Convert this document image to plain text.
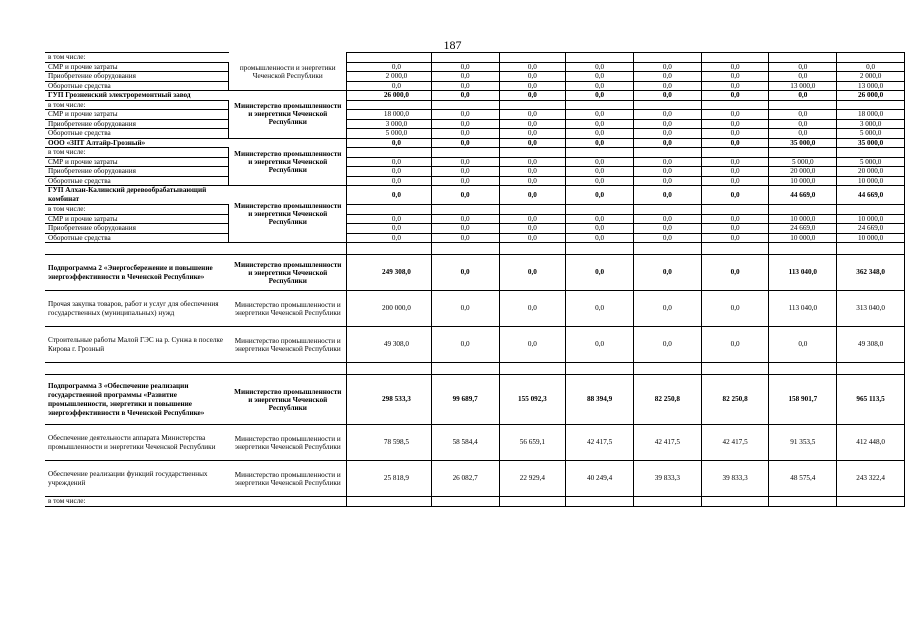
187
в том числе:	промышленности и энергетики Чеченской Республики									
СМР и прочие затраты			0,0	0,0	0,0	0,0	0,0	0,0	0,0	0,0
Приобретение оборудования			2 000,0	0,0	0,0	0,0	0,0	0,0	0,0	2 000,0
Оборотные средства			0,0	0,0	0,0	0,0	0,0	0,0	13 000,0	13 000,0
ГУП Грозненский электроремонтный завод	Министерство промышленности и энергетики Чеченской Республики		26 000,0	0,0	0,0	0,0	0,0	0,0	0,0	26 000,0
в том числе:										
СМР и прочие затраты			18 000,0	0,0	0,0	0,0	0,0	0,0	0,0	18 000,0
Приобретение оборудования			3 000,0	0,0	0,0	0,0	0,0	0,0	0,0	3 000,0
Оборотные средства			5 000,0	0,0	0,0	0,0	0,0	0,0	0,0	5 000,0
ООО «ЗПТ Алтайр-Грозный»	Министерство промышленности и энергетики Чеченской Республики		0,0	0,0	0,0	0,0	0,0	0,0	35 000,0	35 000,0
в том числе:										
СМР и прочие затраты			0,0	0,0	0,0	0,0	0,0	0,0	5 000,0	5 000,0
Приобретение оборудования			0,0	0,0	0,0	0,0	0,0	0,0	20 000,0	20 000,0
Оборотные средства			0,0	0,0	0,0	0,0	0,0	0,0	10 000,0	10 000,0
ГУП Алхан-Калинский деревообрабатывающий комбинат	Министерство промышленности и энергетики Чеченской Республики		0,0	0,0	0,0	0,0	0,0	0,0	44 669,0	44 669,0
в том числе:										
СМР и прочие затраты			0,0	0,0	0,0	0,0	0,0	0,0	10 000,0	10 000,0
Приобретение оборудования			0,0	0,0	0,0	0,0	0,0	0,0	24 669,0	24 669,0
Оборотные средства			0,0	0,0	0,0	0,0	0,0	0,0	10 000,0	10 000,0

Подпрограмма 2 «Энергосбережение и повышение энергоэффективности в Чеченской Республике»	Министерство промышленности и энергетики Чеченской Республики		249 308,0	0,0	0,0	0,0	0,0	0,0	113 040,0	362 348,0
Прочая закупка товаров, работ и услуг для обеспечения государственных (муниципальных) нужд	Министерство промышленности и энергетики Чеченской Республики		200 000,0	0,0	0,0	0,0	0,0	0,0	113 040,0	313 040,0
Строительные работы Малой ГЭС на р. Сунжа в поселке Кирова г. Грозный	Министерство промышленности и энергетики Чеченской Республики		49 308,0	0,0	0,0	0,0	0,0	0,0	0,0	49 308,0

Подпрограмма 3 «Обеспечение реализации государственной программы «Развитие промышленности, энергетики и повышение энергоэффективности в Чеченской Республике»	Министерство промышленности и энергетики Чеченской Республики		298 533,3	99 689,7	155 092,3	88 394,9	82 250,8	82 250,8	158 901,7	965 113,5
Обеспечение деятельности аппарата Министерства промышленности и энергетики Чеченской Республики	Министерство промышленности и энергетики Чеченской Республики		78 598,5	58 584,4	56 659,1	42 417,5	42 417,5	42 417,5	91 353,5	412 448,0
Обеспечение реализации функций государственных учреждений	Министерство промышленности и энергетики Чеченской Республики		25 818,9	26 082,7	22 929,4	40 249,4	39 833,3	39 833,3	48 575,4	243 322,4
в том числе:										
